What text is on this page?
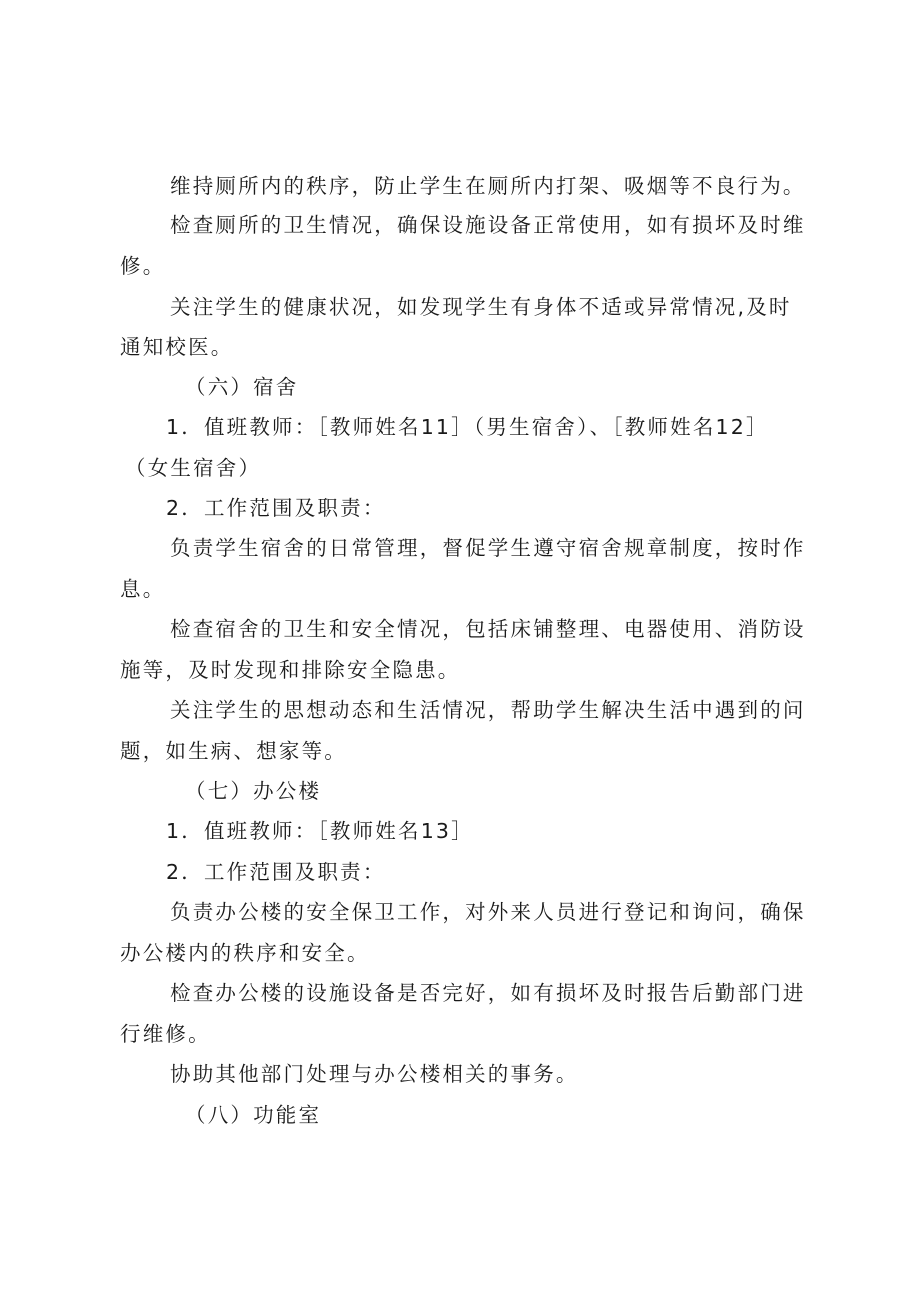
维持厕所内的秩序，防止学生在厕所内打架、吸烟等不良行为。
检查厕所的卫生情况，确保设施设备正常使用，如有损坏及时维
修。
关注学生的健康状况，如发现学生有身体不适或异常情况,及时
通知校医。
（六）宿舍
1．值班教师：［教师姓名11］（男生宿舍）、［教师姓名12］
（女生宿舍）
2．工作范围及职责：
负责学生宿舍的日常管理，督促学生遵守宿舍规章制度，按时作
息。
检查宿舍的卫生和安全情况，包括床铺整理、电器使用、消防设
施等，及时发现和排除安全隐患。
关注学生的思想动态和生活情况，帮助学生解决生活中遇到的问
题，如生病、想家等。
（七）办公楼
1．值班教师：［教师姓名13］
2．工作范围及职责：
负责办公楼的安全保卫工作，对外来人员进行登记和询问，确保
办公楼内的秩序和安全。
检查办公楼的设施设备是否完好，如有损坏及时报告后勤部门进
行维修。
协助其他部门处理与办公楼相关的事务。
（八）功能室
